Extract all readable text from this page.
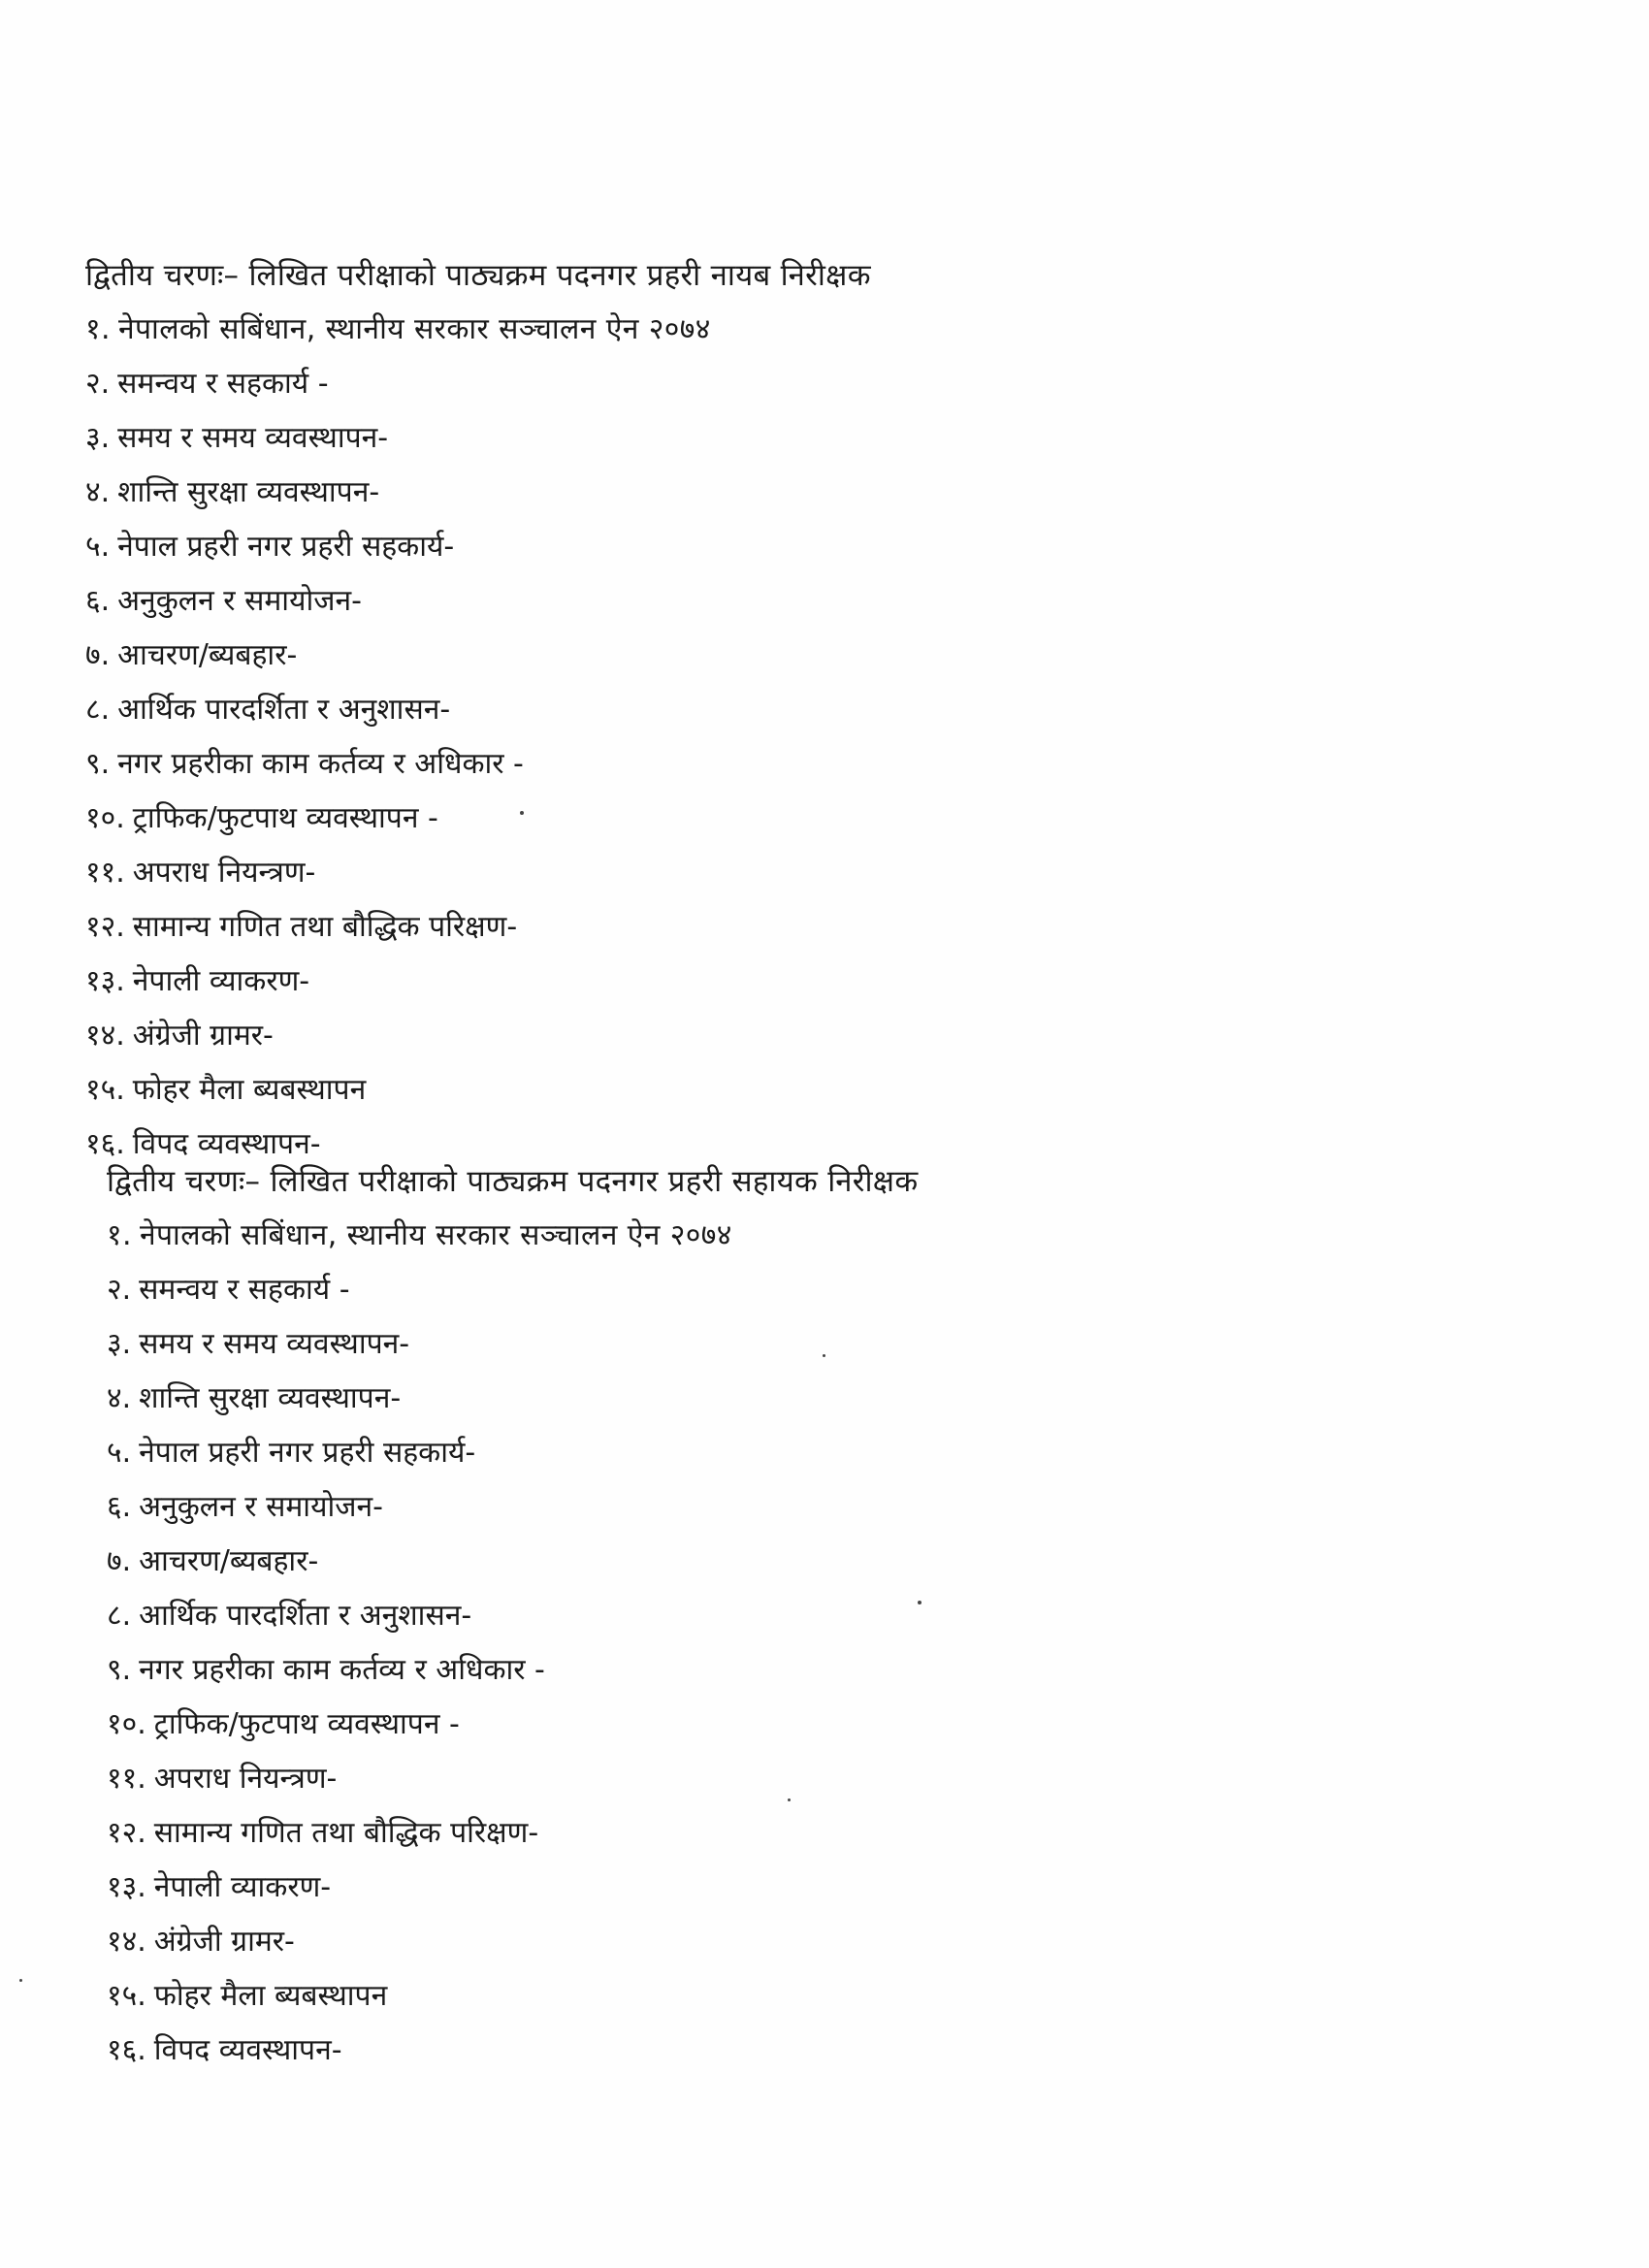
द्वितीय चरणः– लिखित परीक्षाको पाठ्यक्रम पदनगर प्रहरी नायब निरीक्षक
१. नेपालको सबिंधान, स्थानीय सरकार सञ्चालन ऐन २०७४
२. समन्वय र सहकार्य -
३. समय र समय व्यवस्थापन-
४. शान्ति सुरक्षा व्यवस्थापन-
५. नेपाल प्रहरी नगर प्रहरी सहकार्य-
६. अनुकुलन र समायाेजन-
७. आचरण/ब्यबहार-
८. आर्थिक पारदर्शिता र अनुशासन-
९. नगर प्रहरीका काम कर्तव्य र अधिकार -
१०. ट्राफिक/फुटपाथ व्यवस्थापन -
११. अपराध नियन्त्रण-
१२. सामान्य गणित तथा बौद्धिक परिक्षण-
१३. नेपाली व्याकरण-
१४. अंग्रेजी ग्रामर-
१५. फोहर मैला ब्यबस्थापन
१६. विपद व्यवस्थापन-
द्वितीय चरणः– लिखित परीक्षाको पाठ्यक्रम पदनगर प्रहरी सहायक निरीक्षक
१. नेपालको सबिंधान, स्थानीय सरकार सञ्चालन ऐन २०७४
२. समन्वय र सहकार्य -
३. समय र समय व्यवस्थापन-
४. शान्ति सुरक्षा व्यवस्थापन-
५. नेपाल प्रहरी नगर प्रहरी सहकार्य-
६. अनुकुलन र समायाेजन-
७. आचरण/ब्यबहार-
८. आर्थिक पारदर्शिता र अनुशासन-
९. नगर प्रहरीका काम कर्तव्य र अधिकार -
१०. ट्राफिक/फुटपाथ व्यवस्थापन -
११. अपराध नियन्त्रण-
१२. सामान्य गणित तथा बौद्धिक परिक्षण-
१३. नेपाली व्याकरण-
१४. अंग्रेजी ग्रामर-
१५. फोहर मैला ब्यबस्थापन
१६. विपद व्यवस्थापन-
